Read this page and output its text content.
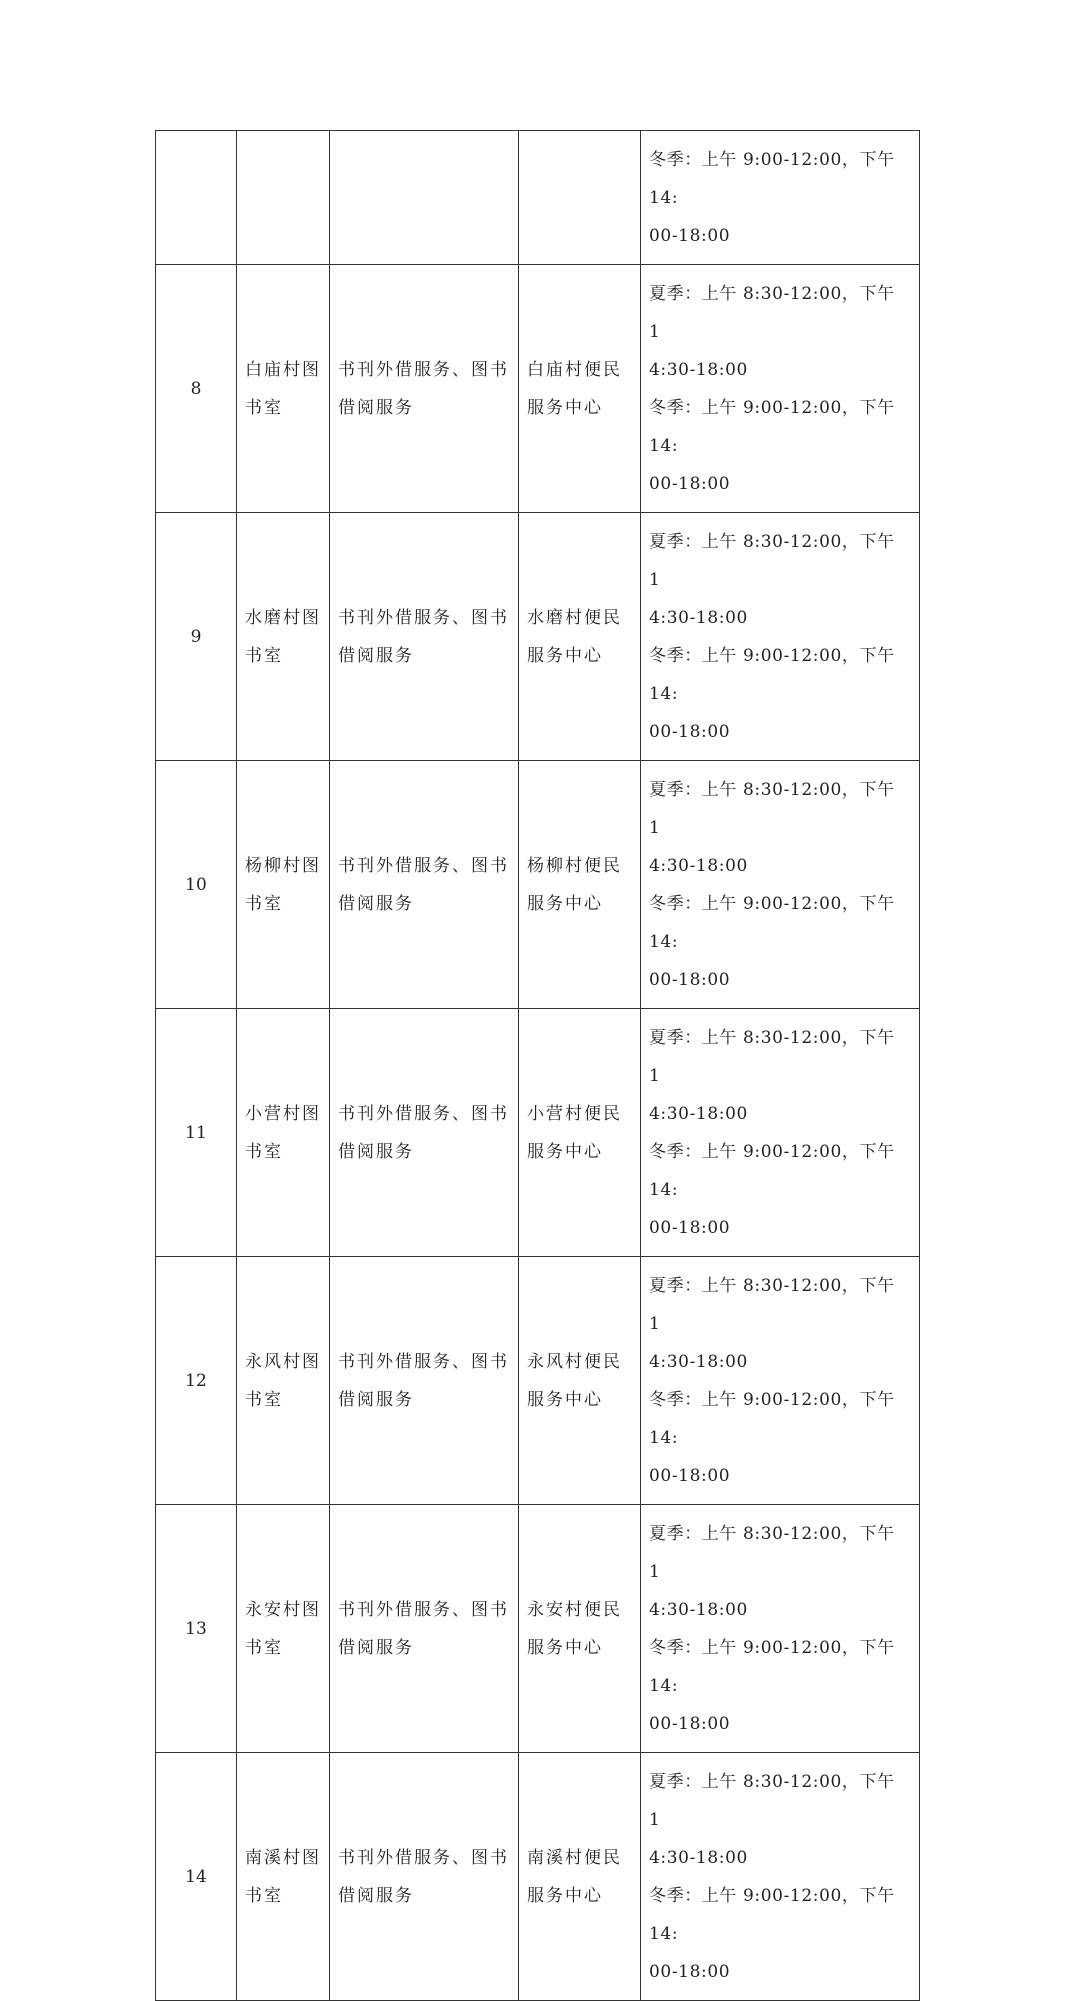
				冬季：上午 9:00-12:00，下午 14:
00-18:00

8	白庙村图书室	书刊外借服务、图书借阅服务	白庙村便民服务中心	夏季：上午 8:30-12:00，下午 1
4:30-18:00
冬季：上午 9:00-12:00，下午 14:
00-18:00

9	水磨村图书室	书刊外借服务、图书借阅服务	水磨村便民服务中心	夏季：上午 8:30-12:00，下午 1
4:30-18:00
冬季：上午 9:00-12:00，下午 14:
00-18:00

10	杨柳村图书室	书刊外借服务、图书借阅服务	杨柳村便民服务中心	夏季：上午 8:30-12:00，下午 1
4:30-18:00
冬季：上午 9:00-12:00，下午 14:
00-18:00

11	小营村图书室	书刊外借服务、图书借阅服务	小营村便民服务中心	夏季：上午 8:30-12:00，下午 1
4:30-18:00
冬季：上午 9:00-12:00，下午 14:
00-18:00

12	永风村图书室	书刊外借服务、图书借阅服务	永风村便民服务中心	夏季：上午 8:30-12:00，下午 1
4:30-18:00
冬季：上午 9:00-12:00，下午 14:
00-18:00

13	永安村图书室	书刊外借服务、图书借阅服务	永安村便民服务中心	夏季：上午 8:30-12:00，下午 1
4:30-18:00
冬季：上午 9:00-12:00，下午 14:
00-18:00

14	南溪村图书室	书刊外借服务、图书借阅服务	南溪村便民服务中心	夏季：上午 8:30-12:00，下午 1
4:30-18:00
冬季：上午 9:00-12:00，下午 14:
00-18:00
